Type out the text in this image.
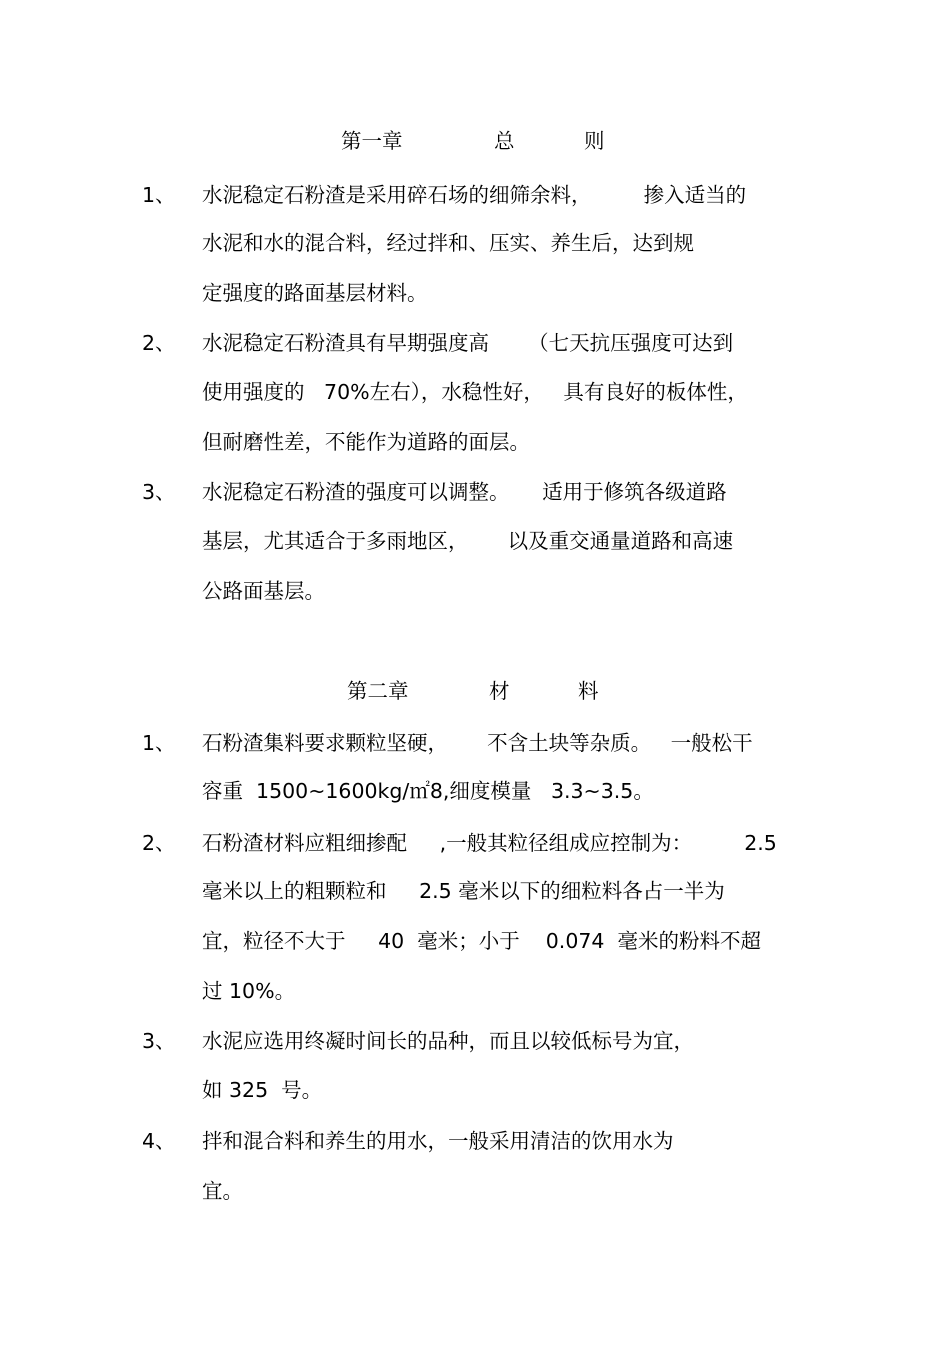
第一章	总	则
1、 水泥稳定石粉渣是采用碎石场的细筛余料，        掺入适当的

水泥和水的混合料，经过拌和、压实、养生后，达到规

定强度的路面基层材料。

2、 水泥稳定石粉渣具有早期强度高      （七天抗压强度可达到

使用强度的   70%左右），水稳性好，   具有良好的板体性，

但耐磨性差，不能作为道路的面层。

3、 水泥稳定石粉渣的强度可以调整。     适用于修筑各级道路

基层，尤其适合于多雨地区，      以及重交通量道路和高速

公路面基层。

第二章	材	料
1、 石粉渣集料要求颗粒坚硬，      不含土块等杂质。   一般松干

容重  1500~1600kg/㎡8,细度模量   3.3~3.5。

2、 石粉渣材料应粗细掺配     ,一般其粒径组成应控制为：        2.5

毫米以上的粗颗粒和     2.5 毫米以下的细粒料各占一半为

宜，粒径不大于     40  毫米；小于    0.074  毫米的粉料不超

过 10%。

3、 水泥应选用终凝时间长的品种，而且以较低标号为宜，

如 325  号。

4、 拌和混合料和养生的用水，一般采用清洁的饮用水为

宜。
